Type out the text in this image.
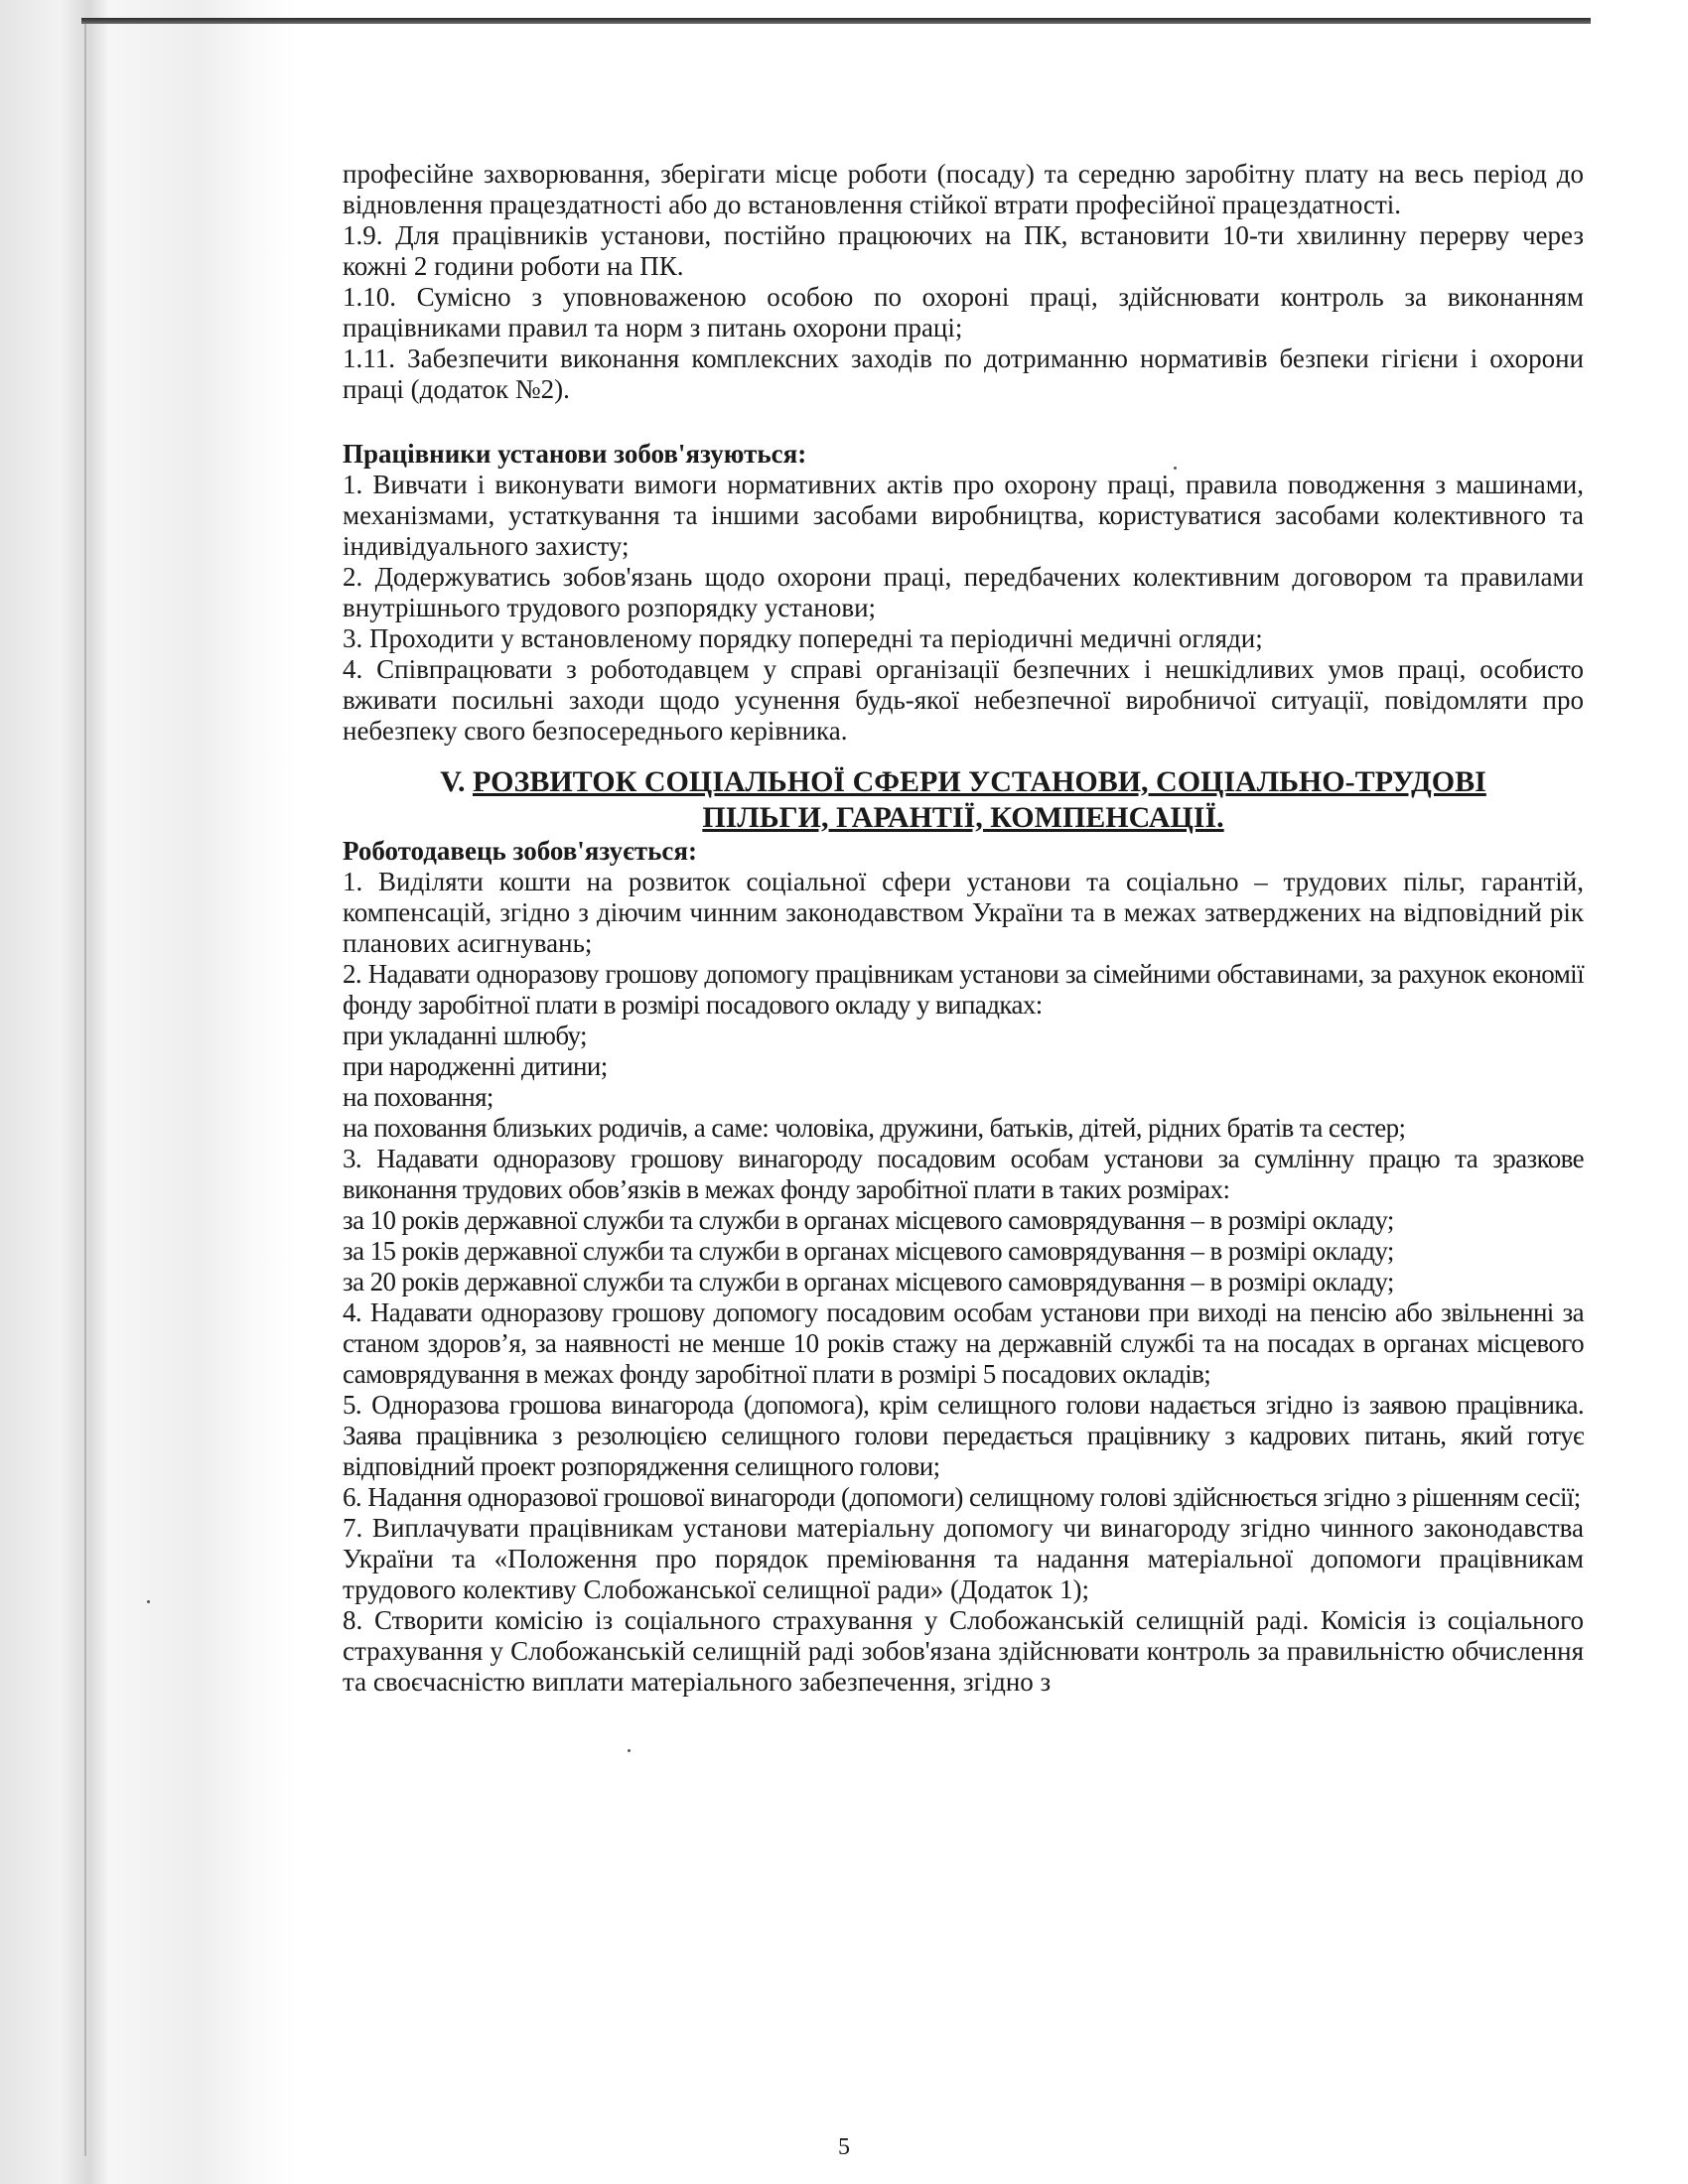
професійне захворювання, зберігати місце роботи (посаду) та середню заробітну плату на весь період до відновлення працездатності або до встановлення стійкої втрати професійної працездатності.

1.9. Для працівників установи, постійно працюючих на ПК, встановити 10-ти хвилинну перерву через кожні 2 години роботи на ПК.

1.10. Сумісно з уповноваженою особою по охороні праці, здійснювати контроль за виконанням працівниками правил та норм з питань охорони праці;

1.11. Забезпечити виконання комплексних заходів по дотриманню нормативів безпеки гігієни і охорони праці (додаток №2).

Працівники установи зобов'язуються:

1. Вивчати і виконувати вимоги нормативних актів про охорону праці, правила поводження з машинами, механізмами, устаткування та іншими засобами виробництва, користуватися засобами колективного та індивідуального захисту;

2. Додержуватись зобов'язань щодо охорони праці, передбачених колективним договором та правилами внутрішнього трудового розпорядку установи;

3. Проходити у встановленому порядку попередні та періодичні медичні огляди;

4. Співпрацювати з роботодавцем у справі організації безпечних і нешкідливих умов праці, особисто вживати посильні заходи щодо усунення будь-якої небезпечної виробничої ситуації, повідомляти про небезпеку свого безпосереднього керівника.

V. РОЗВИТОК СОЦІАЛЬНОЇ СФЕРИ УСТАНОВИ, СОЦІАЛЬНО-ТРУДОВІ

ПІЛЬГИ, ГАРАНТІЇ, КОМПЕНСАЦІЇ.

Роботодавець зобов'язується:

1. Виділяти кошти на розвиток соціальної сфери установи та соціально – трудових пільг, гарантій, компенсацій, згідно з діючим чинним законодавством України та в межах затверджених на відповідний рік планових асигнувань;

2. Надавати одноразову грошову допомогу працівникам установи за сімейними обставинами, за рахунок економії фонду заробітної плати в розмірі посадового окладу у випадках:

при укладанні шлюбу;

при народженні дитини;

на поховання;

на поховання близьких родичів, а саме: чоловіка, дружини, батьків, дітей, рідних братів та сестер;

3. Надавати одноразову грошову винагороду посадовим особам установи за сумлінну працю та зразкове виконання трудових обов’язків в межах фонду заробітної плати в таких розмірах:

за 10 років державної служби та служби в органах місцевого самоврядування – в розмірі окладу;

за 15 років державної служби та служби в органах місцевого самоврядування – в розмірі окладу;

за 20 років державної служби та служби в органах місцевого самоврядування – в розмірі окладу;

4. Надавати одноразову грошову допомогу посадовим особам установи при виході на пенсію або звільненні за станом здоров’я, за наявності не менше 10 років стажу на державній службі та на посадах в органах місцевого самоврядування в межах фонду заробітної плати в розмірі 5 посадових окладів;

5. Одноразова грошова винагорода (допомога), крім селищного голови надається згідно із заявою працівника. Заява працівника з резолюцією селищного голови передається працівнику з кадрових питань, який готує відповідний проект розпорядження селищного голови;

6. Надання одноразової грошової винагороди (допомоги) селищному голові здійснюється згідно з рішенням сесії;

7. Виплачувати працівникам установи матеріальну допомогу чи винагороду згідно чинного законодавства України та «Положення про порядок преміювання та надання матеріальної допомоги працівникам трудового колективу Слобожанської селищної ради» (Додаток 1);

8. Створити комісію із соціального страхування у Слобожанській селищній раді. Комісія із соціального страхування у Слобожанській селищній раді зобов'язана здійснювати контроль за правильністю обчислення та своєчасністю виплати матеріального забезпечення, згідно з

5
